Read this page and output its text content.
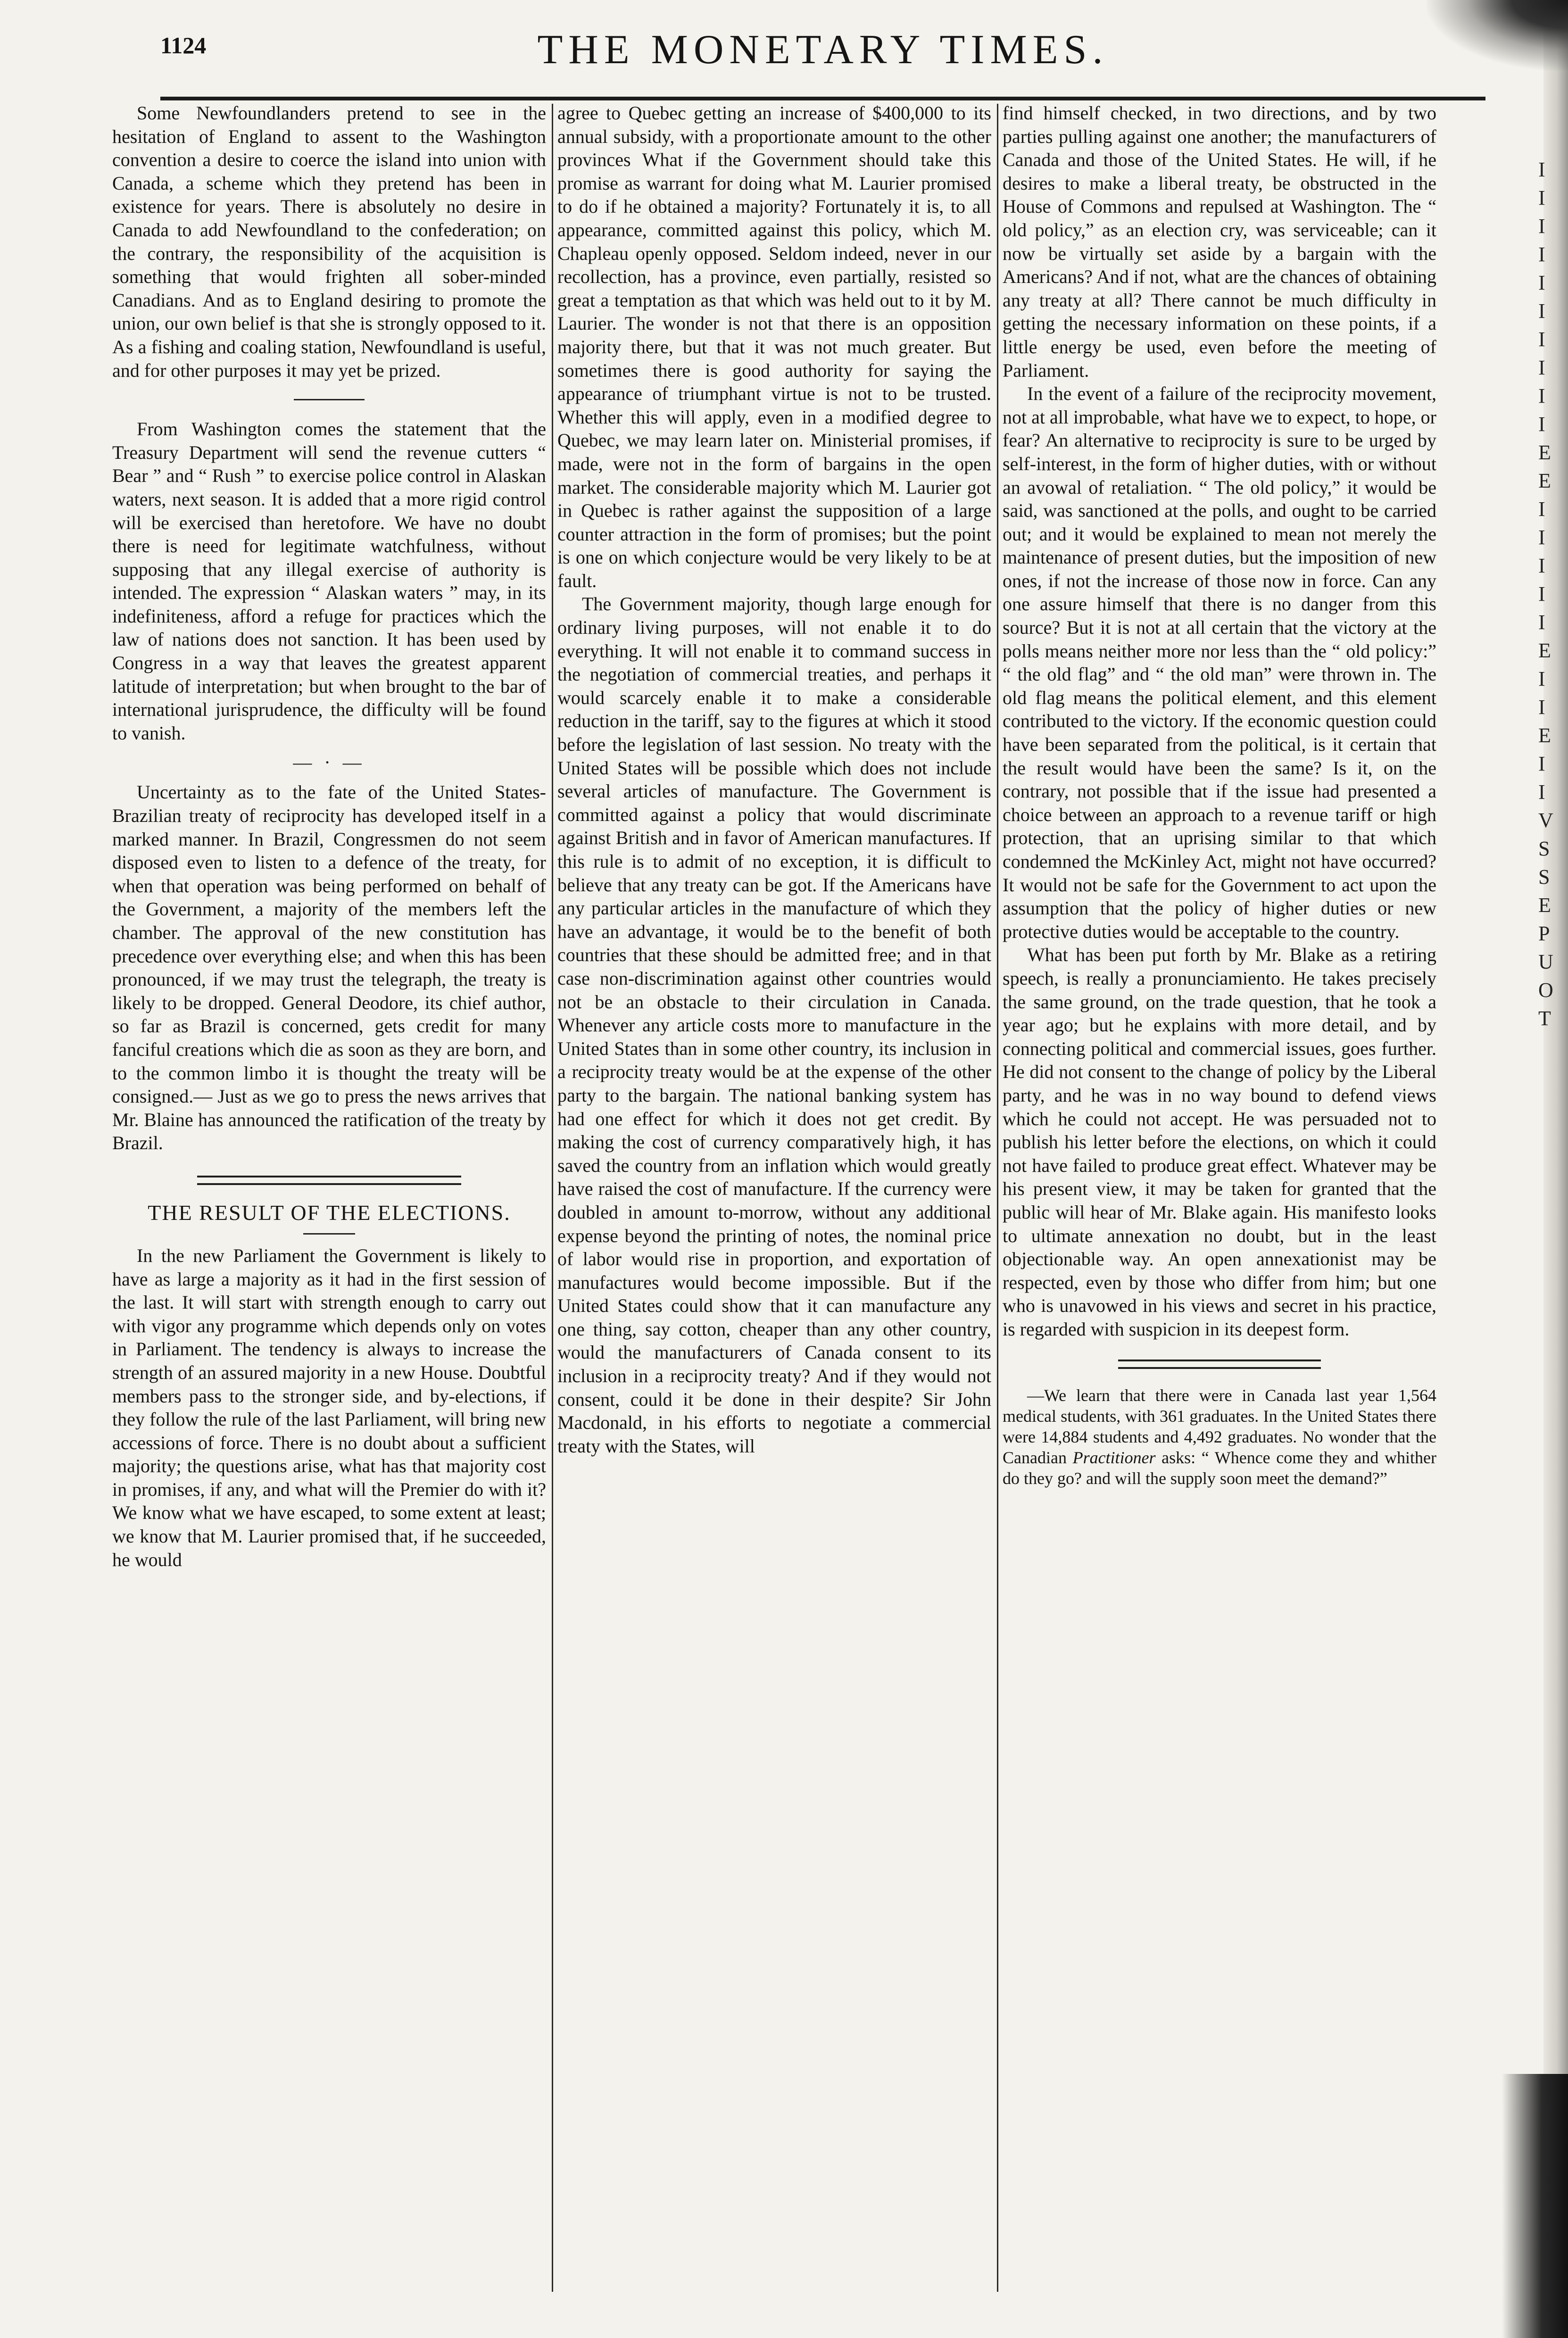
1124	THE MONETARY TIMES.

Some Newfoundlanders pretend to see in the hesitation of England to assent to the Washington convention a desire to coerce the island into union with Canada, a scheme which they pretend has been in existence for years. There is absolutely no desire in Canada to add Newfoundland to the confederation; on the contrary, the responsibility of the acquisition is something that would frighten all sober-minded Canadians. And as to England desiring to promote the union, our own belief is that she is strongly opposed to it. As a fishing and coaling station, Newfoundland is useful, and for other purposes it may yet be prized.

From Washington comes the statement that the Treasury Department will send the revenue cutters “ Bear ” and “ Rush ” to exercise police control in Alaskan waters, next season. It is added that a more rigid control will be exercised than heretofore. We have no doubt there is need for legitimate watchfulness, without supposing that any illegal exercise of authority is intended. The expression “ Alaskan waters ” may, in its indefiniteness, afford a refuge for practices which the law of nations does not sanction. It has been used by Congress in a way that leaves the greatest apparent latitude of interpretation; but when brought to the bar of international jurisprudence, the difficulty will be found to vanish.

— · —

Uncertainty as to the fate of the United States-Brazilian treaty of reciprocity has developed itself in a marked manner. In Brazil, Congressmen do not seem disposed even to listen to a defence of the treaty, for when that operation was being performed on behalf of the Government, a majority of the members left the chamber. The approval of the new constitution has precedence over everything else; and when this has been pronounced, if we may trust the telegraph, the treaty is likely to be dropped. General Deodore, its chief author, so far as Brazil is concerned, gets credit for many fanciful creations which die as soon as they are born, and to the common limbo it is thought the treaty will be consigned.— Just as we go to press the news arrives that Mr. Blaine has announced the ratification of the treaty by Brazil.

THE RESULT OF THE ELECTIONS.

In the new Parliament the Government is likely to have as large a majority as it had in the first session of the last. It will start with strength enough to carry out with vigor any programme which depends only on votes in Parliament. The tendency is always to increase the strength of an assured majority in a new House. Doubtful members pass to the stronger side, and by-elections, if they follow the rule of the last Parliament, will bring new accessions of force. There is no doubt about a sufficient majority; the questions arise, what has that majority cost in promises, if any, and what will the Premier do with it? We know what we have escaped, to some extent at least; we know that M. Laurier promised that, if he succeeded, he would

agree to Quebec getting an increase of $400,000 to its annual subsidy, with a proportionate amount to the other provinces What if the Government should take this promise as warrant for doing what M. Laurier promised to do if he obtained a majority? Fortunately it is, to all appearance, committed against this policy, which M. Chapleau openly opposed. Seldom indeed, never in our recollection, has a province, even partially, resisted so great a temptation as that which was held out to it by M. Laurier. The wonder is not that there is an opposition majority there, but that it was not much greater. But sometimes there is good authority for saying the appearance of triumphant virtue is not to be trusted. Whether this will apply, even in a modified degree to Quebec, we may learn later on. Ministerial promises, if made, were not in the form of bargains in the open market. The considerable majority which M. Laurier got in Quebec is rather against the supposition of a large counter attraction in the form of promises; but the point is one on which conjecture would be very likely to be at fault.

The Government majority, though large enough for ordinary living purposes, will not enable it to do everything. It will not enable it to command success in the negotiation of commercial treaties, and perhaps it would scarcely enable it to make a considerable reduction in the tariff, say to the figures at which it stood before the legislation of last session. No treaty with the United States will be possible which does not include several articles of manufacture. The Government is committed against a policy that would discriminate against British and in favor of American manufactures. If this rule is to admit of no exception, it is difficult to believe that any treaty can be got. If the Americans have any particular articles in the manufacture of which they have an advantage, it would be to the benefit of both countries that these should be admitted free; and in that case non-discrimination against other countries would not be an obstacle to their circulation in Canada. Whenever any article costs more to manufacture in the United States than in some other country, its inclusion in a reciprocity treaty would be at the expense of the other party to the bargain. The national banking system has had one effect for which it does not get credit. By making the cost of currency comparatively high, it has saved the country from an inflation which would greatly have raised the cost of manufacture. If the currency were doubled in amount to-morrow, without any additional expense beyond the printing of notes, the nominal price of labor would rise in proportion, and exportation of manufactures would become impossible. But if the United States could show that it can manufacture any one thing, say cotton, cheaper than any other country, would the manufacturers of Canada consent to its inclusion in a reciprocity treaty? And if they would not consent, could it be done in their despite? Sir John Macdonald, in his efforts to negotiate a commercial treaty with the States, will

find himself checked, in two directions, and by two parties pulling against one another; the manufacturers of Canada and those of the United States. He will, if he desires to make a liberal treaty, be obstructed in the House of Commons and repulsed at Washington. The “ old policy,” as an election cry, was serviceable; can it now be virtually set aside by a bargain with the Americans? And if not, what are the chances of obtaining any treaty at all? There cannot be much difficulty in getting the necessary information on these points, if a little energy be used, even before the meeting of Parliament.

In the event of a failure of the reciprocity movement, not at all improbable, what have we to expect, to hope, or fear? An alternative to reciprocity is sure to be urged by self-interest, in the form of higher duties, with or without an avowal of retaliation. “ The old policy,” it would be said, was sanctioned at the polls, and ought to be carried out; and it would be explained to mean not merely the maintenance of present duties, but the imposition of new ones, if not the increase of those now in force. Can any one assure himself that there is no danger from this source? But it is not at all certain that the victory at the polls means neither more nor less than the “ old policy:” “ the old flag” and “ the old man” were thrown in. The old flag means the political element, and this element contributed to the victory. If the economic question could have been separated from the political, is it certain that the result would have been the same? Is it, on the contrary, not possible that if the issue had presented a choice between an approach to a revenue tariff or high protection, that an uprising similar to that which condemned the McKinley Act, might not have occurred? It would not be safe for the Government to act upon the assumption that the policy of higher duties or new protective duties would be acceptable to the country.

What has been put forth by Mr. Blake as a retiring speech, is really a pronunciamiento. He takes precisely the same ground, on the trade question, that he took a year ago; but he explains with more detail, and by connecting political and commercial issues, goes further. He did not consent to the change of policy by the Liberal party, and he was in no way bound to defend views which he could not accept. He was persuaded not to publish his letter before the elections, on which it could not have failed to produce great effect. Whatever may be his present view, it may be taken for granted that the public will hear of Mr. Blake again. His manifesto looks to ultimate annexation no doubt, but in the least objectionable way. An open annexationist may be respected, even by those who differ from him; but one who is unavowed in his views and secret in his practice, is regarded with suspicion in its deepest form.

—We learn that there were in Canada last year 1,564 medical students, with 361 graduates. In the United States there were 14,884 students and 4,492 graduates. No wonder that the Canadian Practitioner asks: “ Whence come they and whither do they go? and will the supply soon meet the demand?”

I
I
I
I
I
I
I
I
I
I
E
E
I
I
I
I
I
E
I
I
E
I
I
V
S
S
E
P
U
O
T
